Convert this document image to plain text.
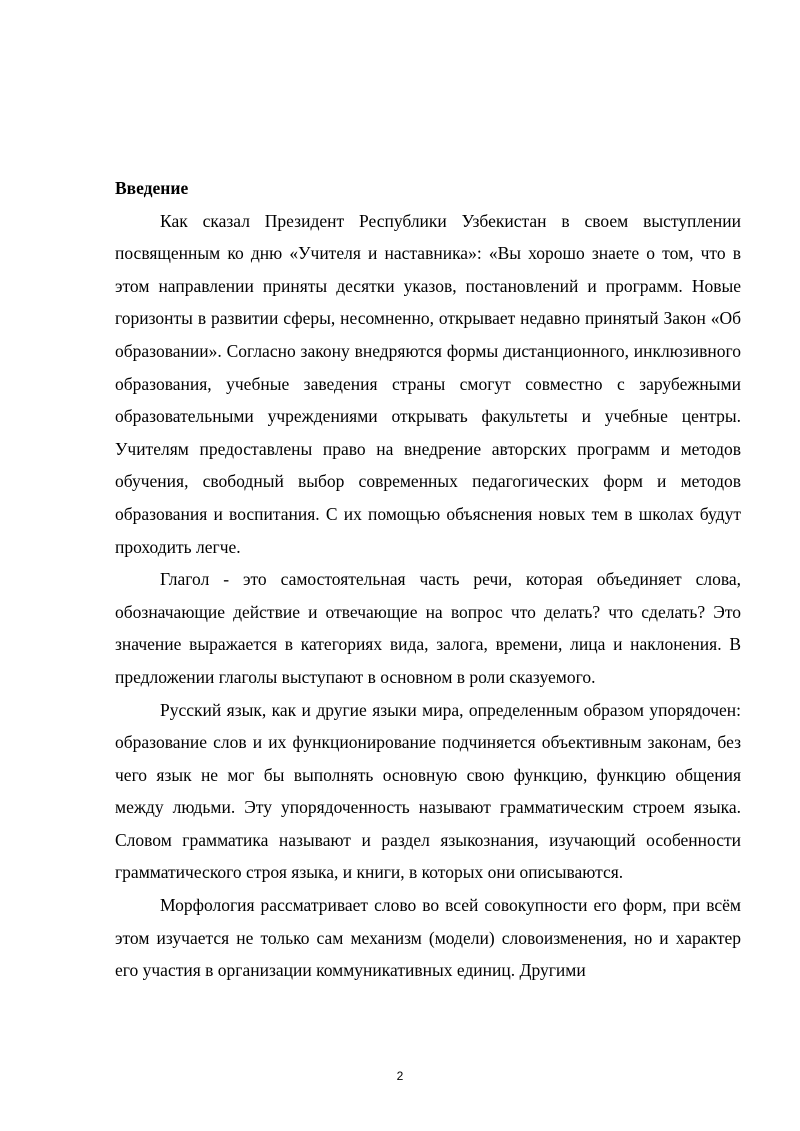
Введение

Как сказал Президент Республики Узбекистан в своем выступлении посвященным ко дню «Учителя и наставника»: «Вы хорошо знаете о том, что в этом направлении приняты десятки указов, постановлений и программ. Новые горизонты в развитии сферы, несомненно, открывает недавно принятый Закон «Об образовании». Согласно закону внедряются формы дистанционного, инклюзивного образования, учебные заведения страны смогут совместно с зарубежными образовательными учреждениями открывать факультеты и учебные центры. Учителям предоставлены право на внедрение авторских программ и методов обучения, свободный выбор современных педагогических форм и методов образования и воспитания. С их помощью объяснения новых тем в школах будут проходить легче.

Глагол - это самостоятельная часть речи, которая объединяет слова, обозначающие действие и отвечающие на вопрос что делать? что сделать? Это значение выражается в категориях вида, залога, времени, лица и наклонения. В предложении глаголы выступают в основном в роли сказуемого.

Русский язык, как и другие языки мира, определенным образом упорядочен: образование слов и их функционирование подчиняется объективным законам, без чего язык не мог бы выполнять основную свою функцию, функцию общения между людьми. Эту упорядоченность называют грамматическим строем языка. Словом грамматика называют и раздел языкознания, изучающий особенности грамматического строя языка, и книги, в которых они описываются.

Морфология рассматривает слово во всей совокупности его форм, при всём этом изучается не только сам механизм (модели) словоизменения, но и характер его участия в организации коммуникативных единиц. Другими

2
